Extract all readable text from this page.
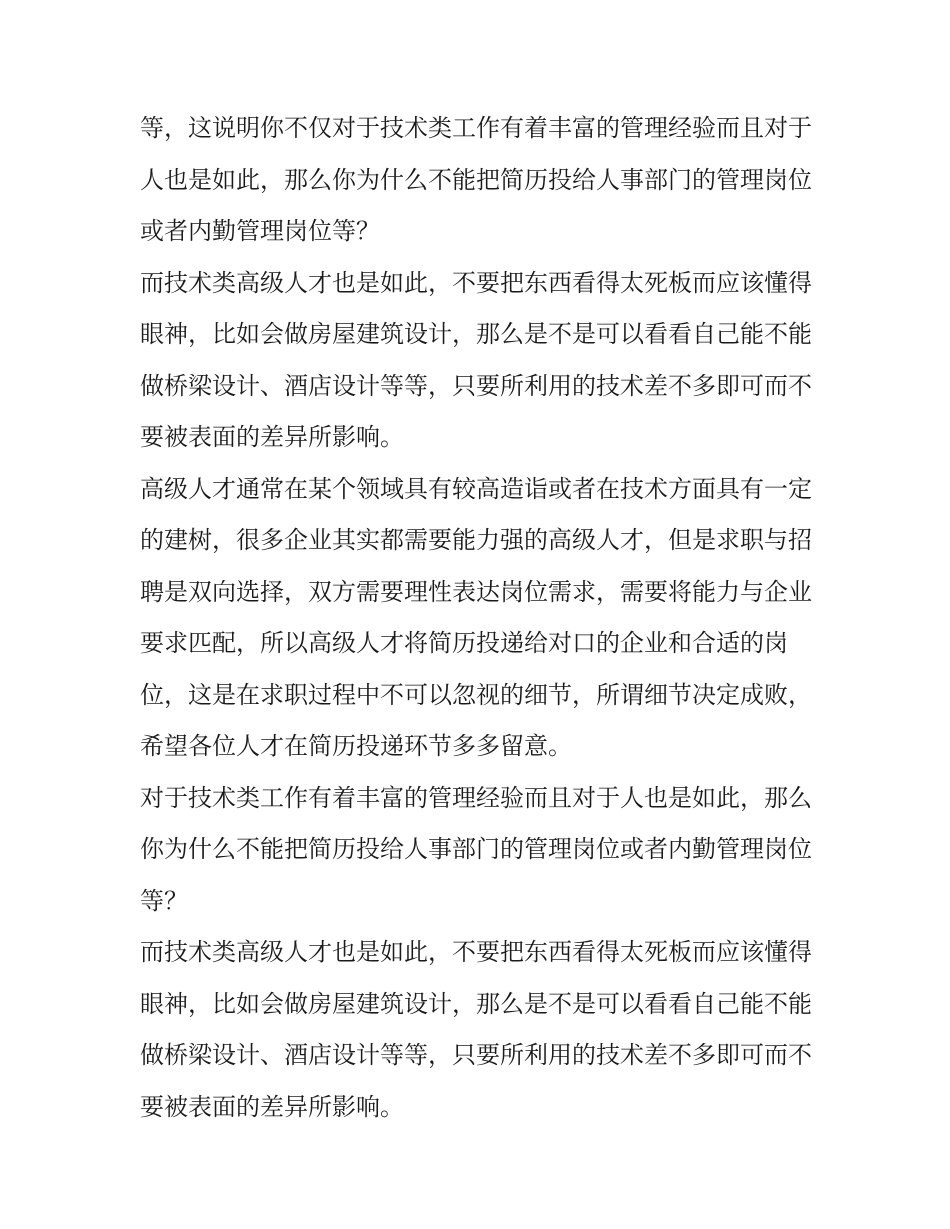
等，这说明你不仅对于技术类工作有着丰富的管理经验而且对于人也是如此，那么你为什么不能把简历投给人事部门的管理岗位或者内勤管理岗位等？

而技术类高级人才也是如此，不要把东西看得太死板而应该懂得眼神，比如会做房屋建筑设计，那么是不是可以看看自己能不能做桥梁设计、酒店设计等等，只要所利用的技术差不多即可而不要被表面的差异所影响。

高级人才通常在某个领域具有较高造诣或者在技术方面具有一定的建树，很多企业其实都需要能力强的高级人才，但是求职与招聘是双向选择，双方需要理性表达岗位需求，需要将能力与企业要求匹配，所以高级人才将简历投递给对口的企业和合适的岗位，这是在求职过程中不可以忽视的细节，所谓细节决定成败，希望各位人才在简历投递环节多多留意。

对于技术类工作有着丰富的管理经验而且对于人也是如此，那么你为什么不能把简历投给人事部门的管理岗位或者内勤管理岗位等？

而技术类高级人才也是如此，不要把东西看得太死板而应该懂得眼神，比如会做房屋建筑设计，那么是不是可以看看自己能不能做桥梁设计、酒店设计等等，只要所利用的技术差不多即可而不要被表面的差异所影响。
